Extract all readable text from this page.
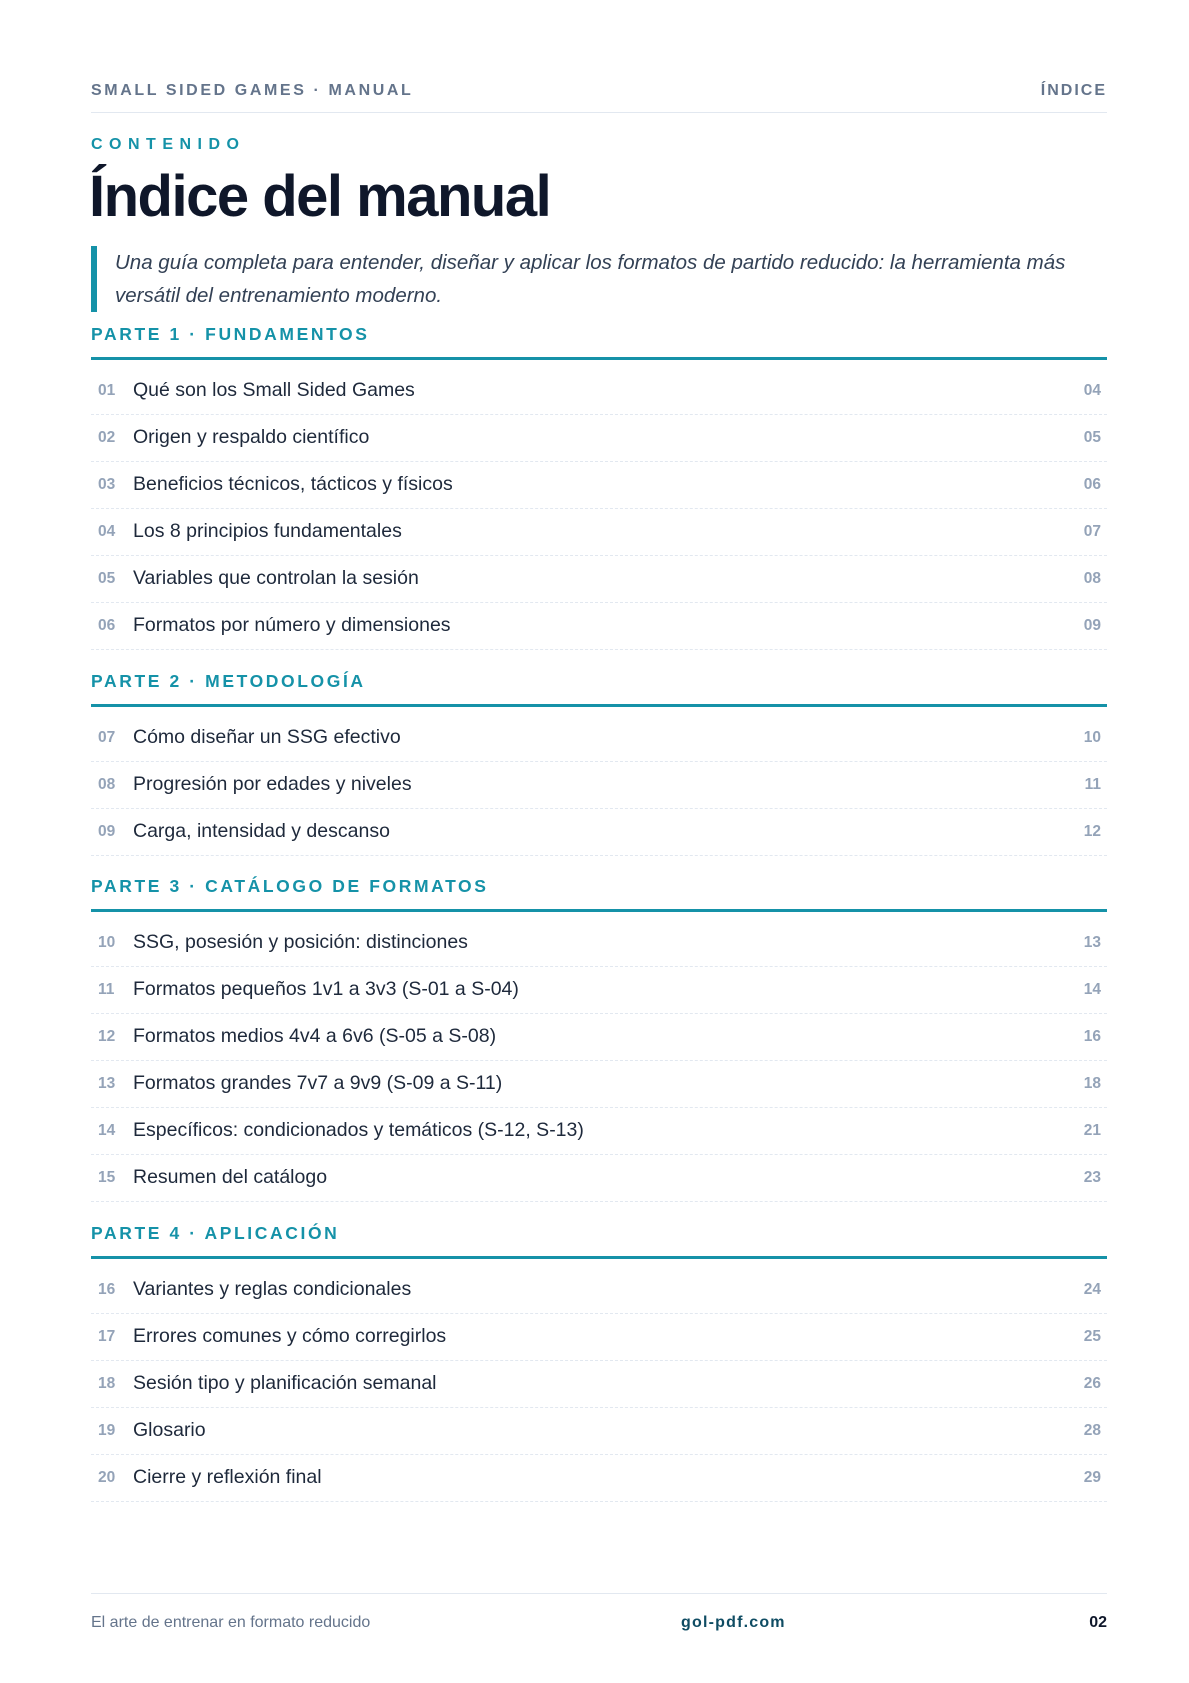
SMALL SIDED GAMES · MANUAL	ÍNDICE
CONTENIDO
Índice del manual
Una guía completa para entender, diseñar y aplicar los formatos de partido reducido: la herramienta más versátil del entrenamiento moderno.
PARTE 1 · FUNDAMENTOS
01 Qué son los Small Sided Games	04
02 Origen y respaldo científico	05
03 Beneficios técnicos, tácticos y físicos	06
04 Los 8 principios fundamentales	07
05 Variables que controlan la sesión	08
06 Formatos por número y dimensiones	09
PARTE 2 · METODOLOGÍA
07 Cómo diseñar un SSG efectivo	10
08 Progresión por edades y niveles	11
09 Carga, intensidad y descanso	12
PARTE 3 · CATÁLOGO DE FORMATOS
10 SSG, posesión y posición: distinciones	13
11 Formatos pequeños 1v1 a 3v3 (S-01 a S-04)	14
12 Formatos medios 4v4 a 6v6 (S-05 a S-08)	16
13 Formatos grandes 7v7 a 9v9 (S-09 a S-11)	18
14 Específicos: condicionados y temáticos (S-12, S-13)	21
15 Resumen del catálogo	23
PARTE 4 · APLICACIÓN
16 Variantes y reglas condicionales	24
17 Errores comunes y cómo corregirlos	25
18 Sesión tipo y planificación semanal	26
19 Glosario	28
20 Cierre y reflexión final	29
El arte de entrenar en formato reducido	gol-pdf.com	02
